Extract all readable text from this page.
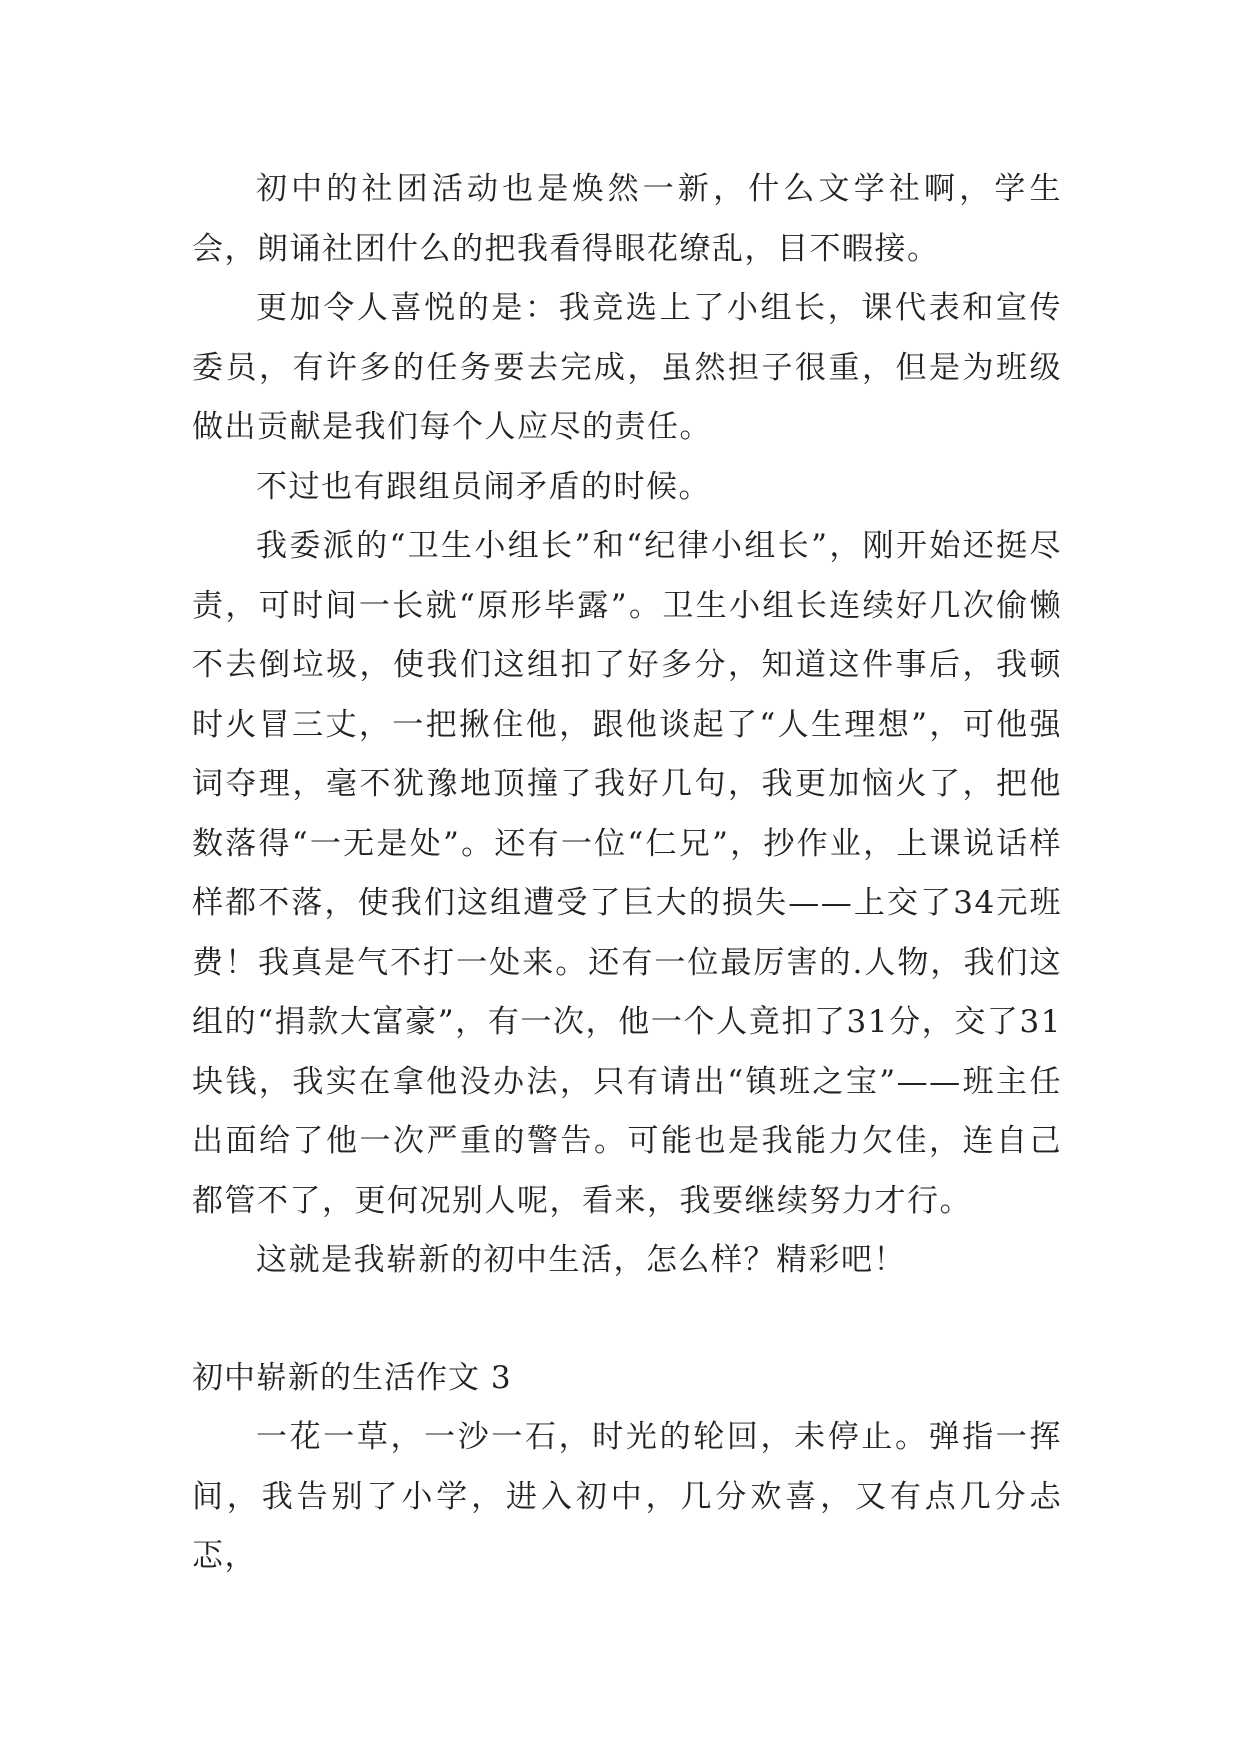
初中的社团活动也是焕然一新，什么文学社啊，学生会，朗诵社团什么的把我看得眼花缭乱，目不暇接。

更加令人喜悦的是：我竞选上了小组长，课代表和宣传委员，有许多的任务要去完成，虽然担子很重，但是为班级做出贡献是我们每个人应尽的责任。

不过也有跟组员闹矛盾的时候。

我委派的“卫生小组长”和“纪律小组长”，刚开始还挺尽责，可时间一长就“原形毕露”。卫生小组长连续好几次偷懒不去倒垃圾，使我们这组扣了好多分，知道这件事后，我顿时火冒三丈，一把揪住他，跟他谈起了“人生理想”，可他强词夺理，毫不犹豫地顶撞了我好几句，我更加恼火了，把他数落得“一无是处”。还有一位“仁兄”，抄作业，上课说话样样都不落，使我们这组遭受了巨大的损失——上交了34元班费！我真是气不打一处来。还有一位最厉害的.人物，我们这组的“捐款大富豪”，有一次，他一个人竟扣了31分，交了31块钱，我实在拿他没办法，只有请出“镇班之宝”——班主任出面给了他一次严重的警告。可能也是我能力欠佳，连自己都管不了，更何况别人呢，看来，我要继续努力才行。

这就是我崭新的初中生活，怎么样？精彩吧！

初中崭新的生活作文 3

一花一草，一沙一石，时光的轮回，未停止。弹指一挥间，我告别了小学，进入初中，几分欢喜，又有点几分忐忑，
